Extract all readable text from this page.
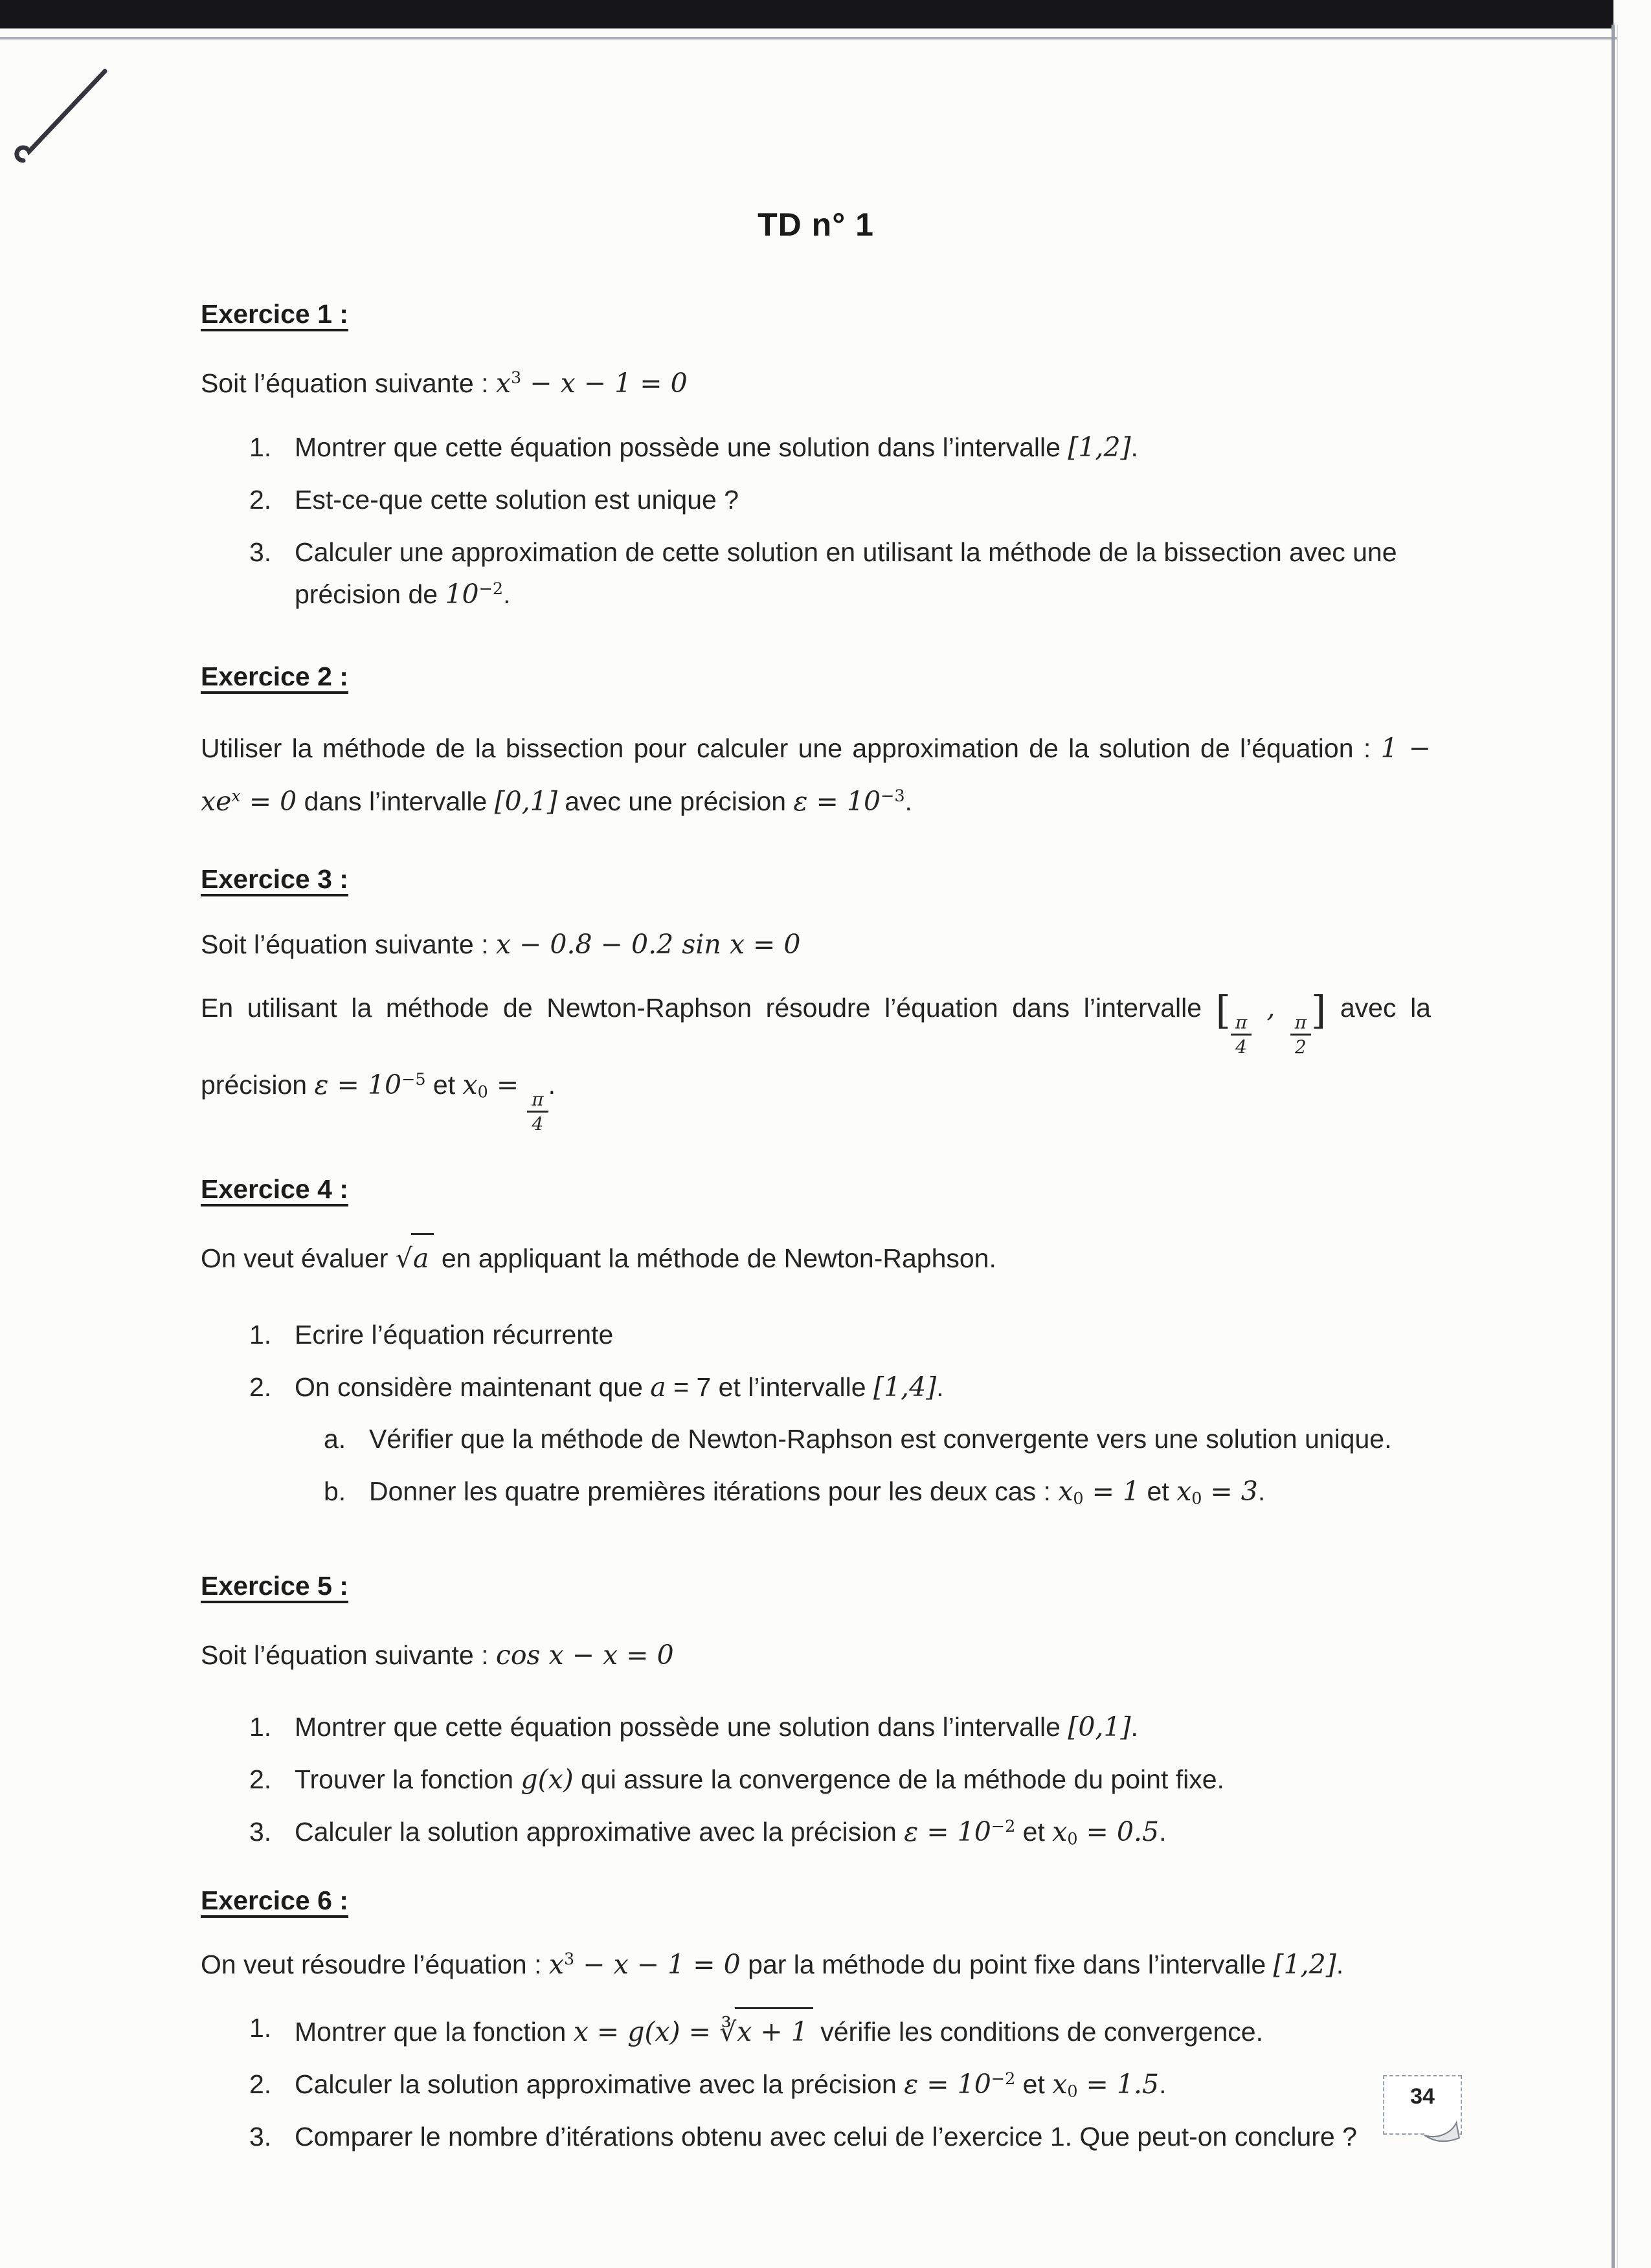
TD n° 1
Exercice 1 :

Soit l’équation suivante : $x^3 - x - 1 = 0$

1. Montrer que cette équation possède une solution dans l’intervalle [1,2].
2. Est-ce-que cette solution est unique ?
3. Calculer une approximation de cette solution en utilisant la méthode de la bissection avec une précision de $10^{-2}$.
Exercice 2 :

Utiliser la méthode de la bissection pour calculer une approximation de la solution de l’équation : $1 - xe^x = 0$ dans l’intervalle [0,1] avec une précision $\varepsilon = 10^{-3}$.

Exercice 3 :

Soit l’équation suivante : x − 0.8 − 0.2 sin x = 0

En utilisant la méthode de Newton-Raphson résoudre l’équation dans l’intervalle [
$\frac{\pi}{4}$
,
$\frac{\pi}{2}$
] avec la précision $\varepsilon = 10^{-5}$ et $x_0$ =
$\frac{\pi}{4}$
.

Exercice 4 :

On veut évaluer √ a en appliquant la méthode de Newton-Raphson.

1. Ecrire l’équation récurrente
2. On considère maintenant que a = 7 et l’intervalle [1,4].
a. Vérifier que la méthode de Newton-Raphson est convergente vers une solution unique.
b. Donner les quatre premières itérations pour les deux cas : $x_0 = 1$ et $x_0 = 3$.
Exercice 5 :

Soit l’équation suivante : cos x − x = 0

1. Montrer que cette équation possède une solution dans l’intervalle [0,1].
2. Trouver la fonction g(x) qui assure la convergence de la méthode du point fixe.
3. Calculer la solution approximative avec la précision $\varepsilon = 10^{-2}$ et $x_0 = 0.5$.
Exercice 6 :

On veut résoudre l’équation : $x^3 - x - 1 = 0$ par la méthode du point fixe dans l’intervalle [1,2].

1. Montrer que la fonction x = g(x) = ∛ x + 1 vérifie les conditions de convergence.
2. Calculer la solution approximative avec la précision $\varepsilon = 10^{-2}$ et $x_0 = 1.5$.
3. Comparer le nombre d’itérations obtenu avec celui de l’exercice 1. Que peut-on conclure ?
34
